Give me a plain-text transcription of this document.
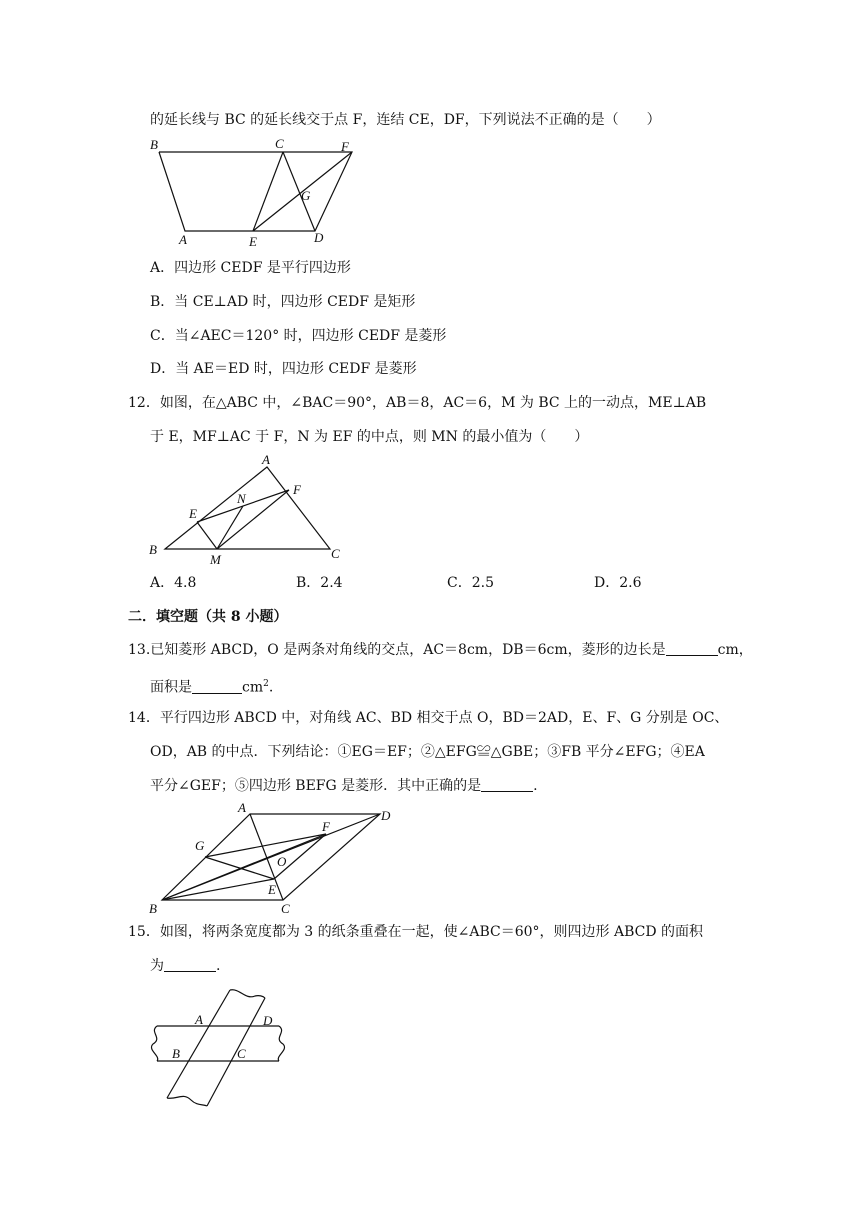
的延长线与 BC 的延长线交于点 F，连结 CE，DF，下列说法不正确的是（　　）
B	C	F
G
A	E	D
A．四边形 CEDF 是平行四边形
B．当 CE⊥AD 时，四边形 CEDF 是矩形
C．当∠AEC＝120° 时，四边形 CEDF 是菱形
D．当 AE＝ED 时，四边形 CEDF 是菱形
12．如图，在△ABC 中，∠BAC＝90°，AB＝8，AC＝6，M 为 BC 上的一动点，ME⊥AB
于 E，MF⊥AC 于 F，N 为 EF 的中点，则 MN 的最小值为（　　）
A
F
N
E
B
M	C
A．4.8	B．2.4	C．2.5	D．2.6
二．填空题（共 8 小题）
13.已知菱形 ABCD，O 是两条对角线的交点，AC＝8cm，DB＝6cm，菱形的边长是	cm，
面积是	$cm^2$.
14．平行四边形 ABCD 中，对角线 AC、BD 相交于点 O，BD＝2AD，E、F、G 分别是 OC、
OD，AB 的中点．下列结论：①EG＝EF；②△EFG≌△GBE；③FB 平分∠EFG；④EA
平分∠GEF；⑤四边形 BEFG 是菱形．其中正确的是	.
A
D
F
G
O
B
E
C
15．如图，将两条宽度都为 3 的纸条重叠在一起，使∠ABC＝60°，则四边形 ABCD 的面积
为	.
A	D
B	C
